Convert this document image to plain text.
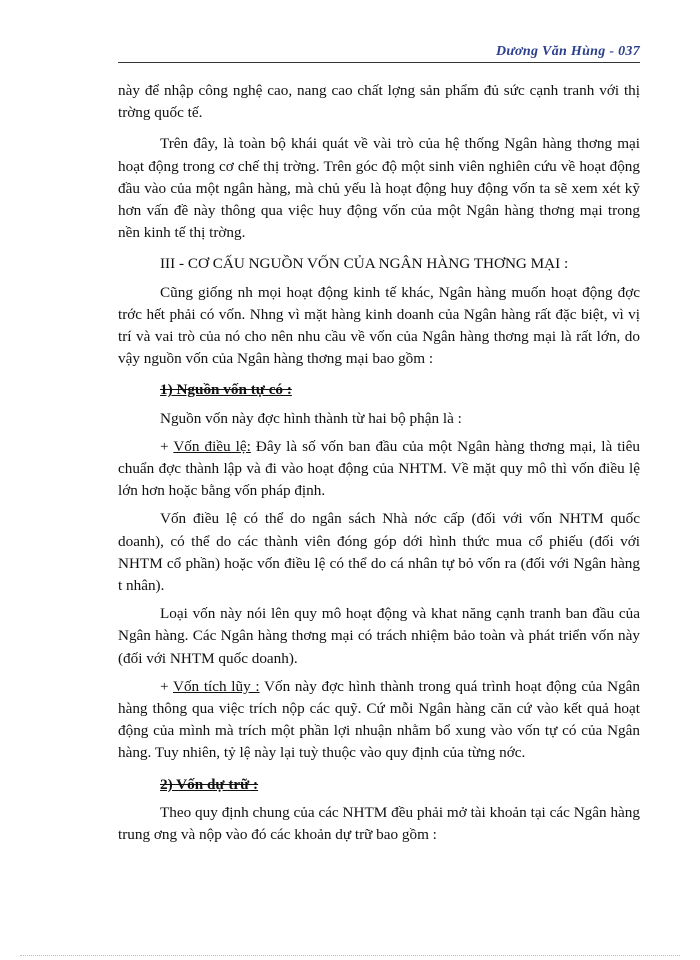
Dương Văn Hùng - 037

này để nhập công nghệ cao, nang cao chất lợng sản phẩm đủ sức cạnh tranh với thị trờng quốc tế.

Trên đây, là toàn bộ khái quát về vài trò của hệ thống Ngân hàng thơng mại hoạt động trong cơ chế thị trờng. Trên góc độ một sinh viên nghiên cứu về hoạt động đầu vào của một ngân hàng, mà chủ yếu là hoạt động huy động vốn ta sẽ xem xét kỹ hơn vấn đề này thông qua việc huy động vốn của một Ngân hàng thơng mại trong nền kinh tế thị trờng.

III - CƠ CẤU NGUỒN VỐN CỦA NGÂN HÀNG THƠNG MẠI :

Cũng giống nh mọi hoạt động kinh tế khác, Ngân hàng muốn hoạt động đợc trớc hết phải có vốn. Nhng vì mặt hàng kinh doanh của Ngân hàng rất đặc biệt, vì vị trí và vai trò của nó cho nên nhu cầu về vốn của Ngân hàng thơng mại là rất lớn, do vậy nguồn vốn của Ngân hàng thơng mại bao gồm :

1) Nguồn vốn tự có :

Nguồn vốn này đợc hình thành từ hai bộ phận là :

+ Vốn điều lệ: Đây là số vốn ban đầu của một Ngân hàng thơng mại, là tiêu chuẩn đợc thành lập và đi vào hoạt động của NHTM. Về mặt quy mô thì vốn điều lệ lớn hơn hoặc bằng vốn pháp định.

Vốn điều lệ có thể do ngân sách Nhà nớc cấp (đối với vốn NHTM quốc doanh), có thể do các thành viên đóng góp dới hình thức mua cổ phiếu (đối với NHTM cổ phần) hoặc vốn điều lệ có thể do cá nhân tự bỏ vốn ra (đối với Ngân hàng t nhân).

Loại vốn này nói lên quy mô hoạt động và khat năng cạnh tranh ban đầu của Ngân hàng. Các Ngân hàng thơng mại có trách nhiệm bảo toàn và phát triển vốn này (đối với NHTM quốc doanh).

+ Vốn tích lũy : Vốn này đợc hình thành trong quá trình hoạt động của Ngân hàng thông qua việc trích nộp các quỹ. Cứ mỗi Ngân hàng căn cứ vào kết quả hoạt động của mình mà trích một phần lợi nhuận nhằm bổ xung vào vốn tự có của Ngân hàng. Tuy nhiên, tỷ lệ này lại tuỳ thuộc vào quy định của từng nớc.

2) Vốn dự trữ :

Theo quy định chung của các NHTM đều phải mở tài khoản tại các Ngân hàng trung ơng và nộp vào đó các khoản dự trữ bao gồm :
